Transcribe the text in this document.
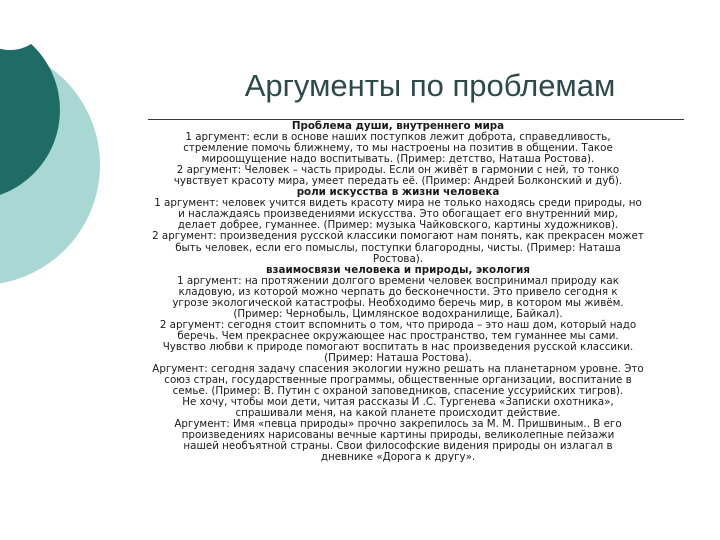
Аргументы по проблемам

Проблема души, внутреннего мира

1 аргумент: если в основе наших поступков лежит доброта, справедливость,

стремление помочь ближнему, то мы настроены на позитив в общении. Такое

мироощущение надо воспитывать. (Пример: детство, Наташа Ростова).

2 аргумент: Человек – часть природы. Если он живёт в гармонии с ней, то тонко

чувствует красоту мира, умеет передать её. (Пример: Андрей Болконский и дуб).

роли искусства в жизни человека

1 аргумент: человек учится видеть красоту мира не только находясь среди природы, но

и наслаждаясь произведениями искусства. Это обогащает его внутренний мир,

делает добрее, гуманнее. (Пример: музыка Чайковского, картины художников).

2 аргумент: произведения русской классики помогают нам понять, как прекрасен может

быть человек, если его помыслы, поступки благородны, чисты. (Пример: Наташа

Ростова).

взаимосвязи человека и природы, экология

1 аргумент: на протяжении долгого времени человек воспринимал природу как

кладовую, из которой можно черпать до бесконечности. Это привело сегодня к

угрозе экологической катастрофы. Необходимо беречь мир, в котором мы живём.

(Пример: Чернобыль, Цимлянское водохранилище, Байкал).

2 аргумент: сегодня стоит вспомнить о том, что природа – это наш дом, который надо

беречь. Чем прекраснее окружающее нас пространство, тем гуманнее мы сами.

Чувство любви к природе помогают воспитать в нас произведения русской классики.

(Пример: Наташа Ростова).

Аргумент: сегодня задачу спасения экологии нужно решать на планетарном уровне. Это

союз стран, государственные программы, общественные организации, воспитание в

семье. (Пример: В. Путин с охраной заповедников, спасение уссурийских тигров).

Не хочу, чтобы мои дети, читая рассказы И .С. Тургенева «Записки охотника»,

спрашивали меня, на какой планете происходит действие.

Аргумент: Имя «певца природы» прочно закрепилось за М. М. Пришвиным.. В его

произведениях нарисованы вечные картины природы, великолепные пейзажи

нашей необъятной страны. Свои философские видения природы он излагал в

дневнике «Дорога к другу».
